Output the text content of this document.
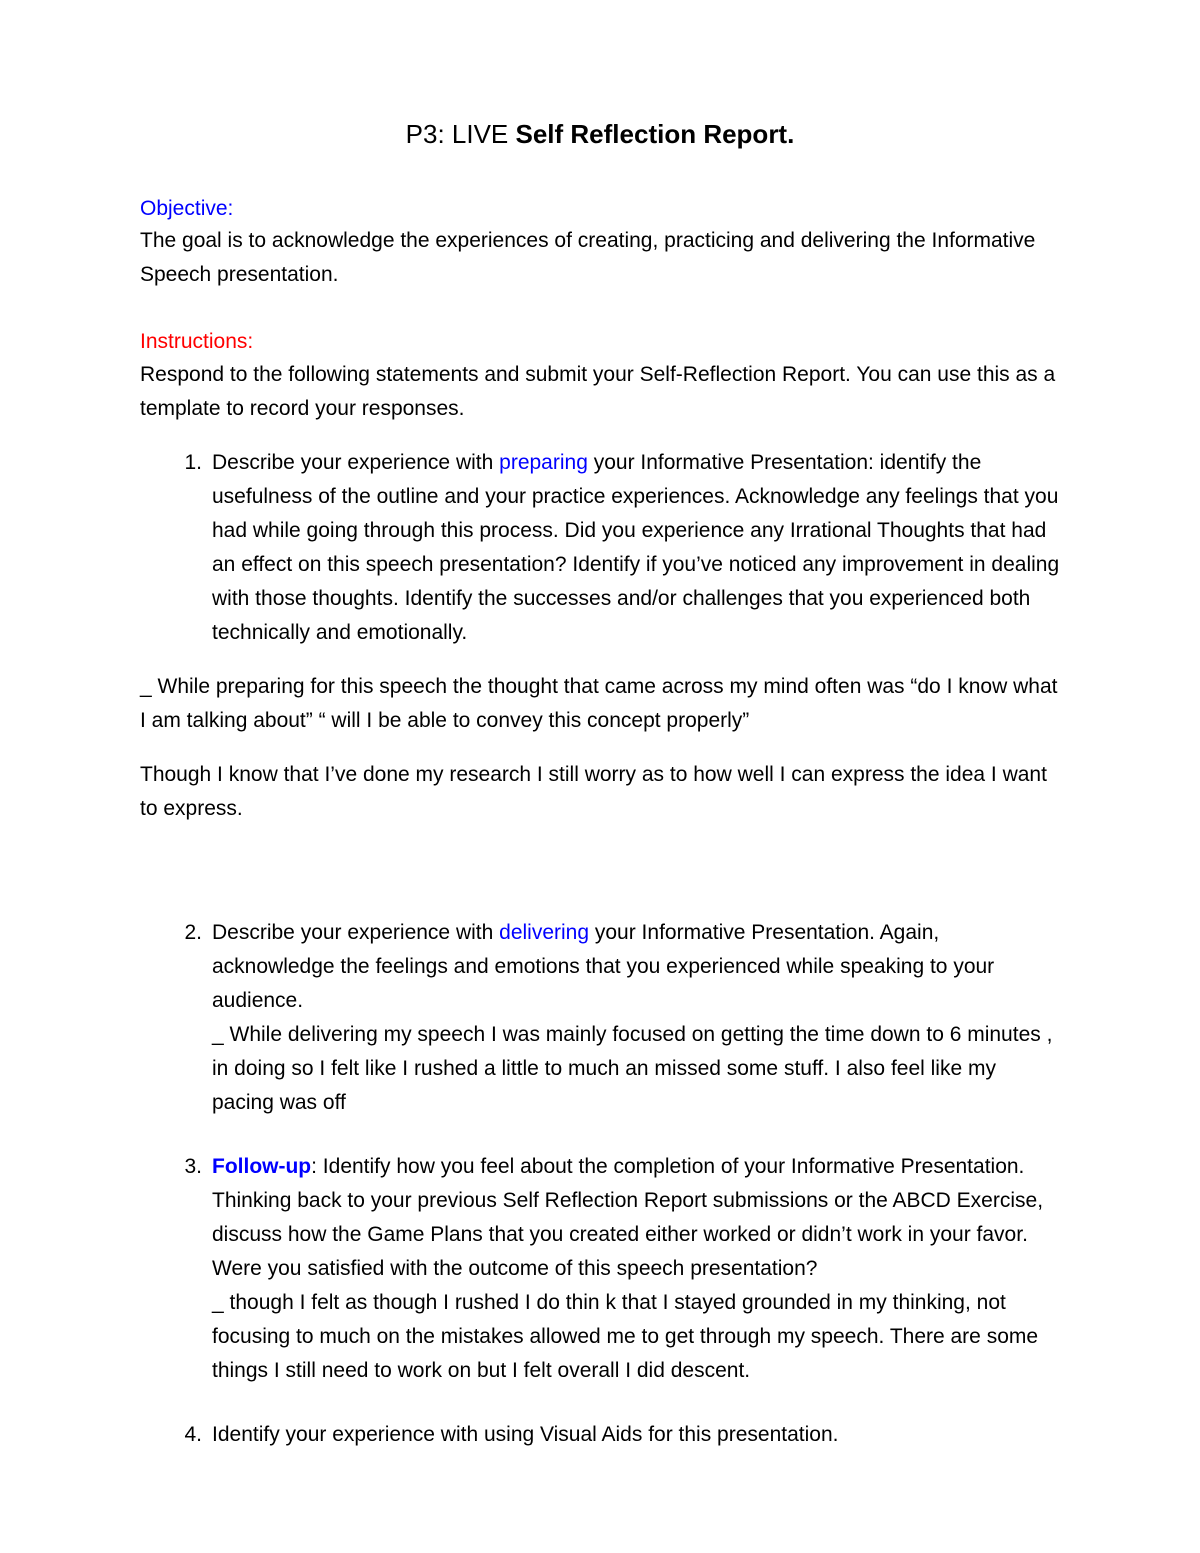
P3: LIVE Self Reflection Report.
Objective:

The goal is to acknowledge the experiences of creating, practicing and delivering the Informative Speech presentation.

Instructions:

Respond to the following statements and submit your Self-Reflection Report. You can use this as a template to record your responses.

1. Describe your experience with preparing your Informative Presentation: identify the usefulness of the outline and your practice experiences. Acknowledge any feelings that you had while going through this process. Did you experience any Irrational Thoughts that had an effect on this speech presentation? Identify if you’ve noticed any improvement in dealing with those thoughts. Identify the successes and/or challenges that you experienced both technically and emotionally.

_ While preparing for this speech the thought that came across my mind often was “do I know what I am talking about” “ will I be able to convey this concept properly”

Though I know that I’ve done my research I still worry as to how well I can express the idea I want to express.

2. Describe your experience with delivering your Informative Presentation. Again, acknowledge the feelings and emotions that you experienced while speaking to your audience.

_ While delivering my speech I was mainly focused on getting the time down to 6 minutes , in doing so I felt like I rushed a little to much an missed some stuff. I also feel like my pacing was off
3. Follow-up: Identify how you feel about the completion of your Informative Presentation. Thinking back to your previous Self Reflection Report submissions or the ABCD Exercise, discuss how the Game Plans that you created either worked or didn’t work in your favor. Were you satisfied with the outcome of this speech presentation?

_ though I felt as though I rushed I do thin k that I stayed grounded in my thinking, not focusing to much on the mistakes allowed me to get through my speech. There are some things I still need to work on but I felt overall I did descent.
4. Identify your experience with using Visual Aids for this presentation.
